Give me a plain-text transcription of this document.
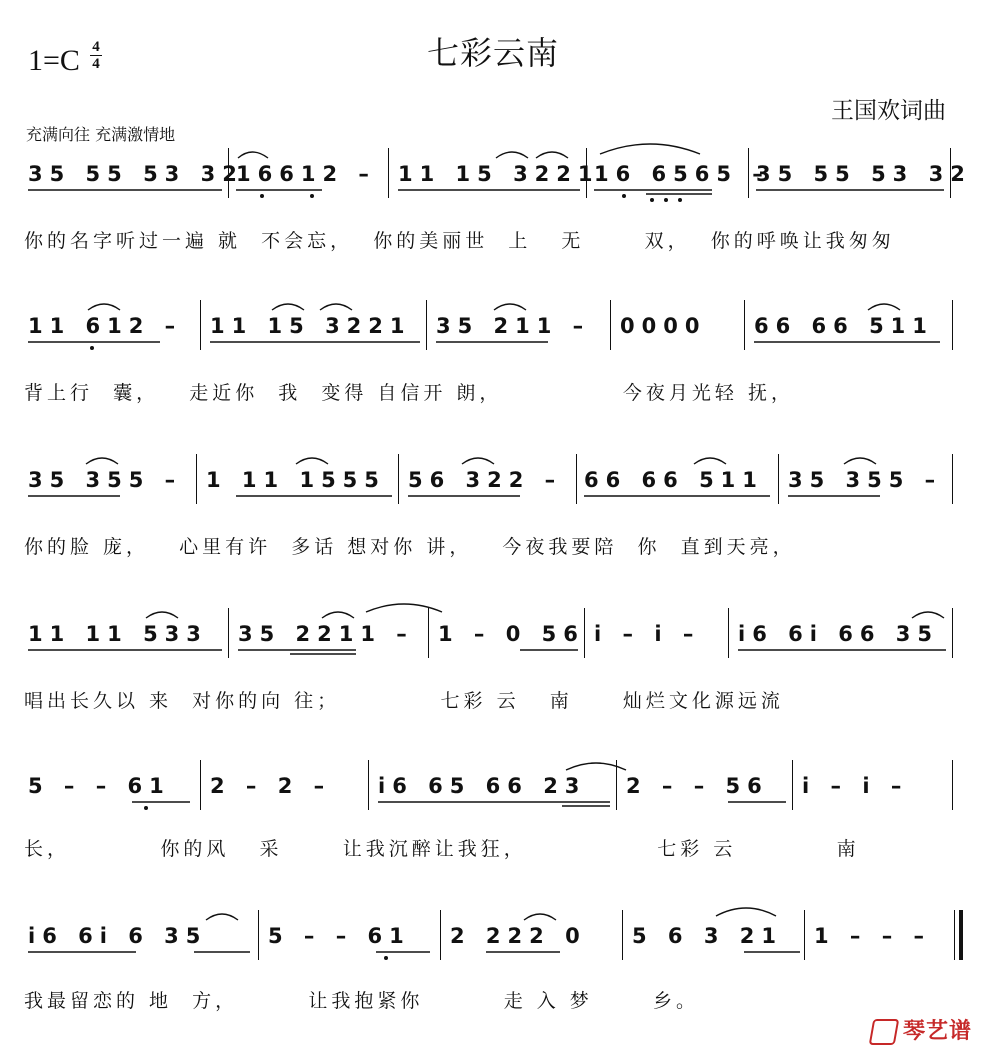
1=C 4
4	七彩云南
王国欢词曲
充满向往 充满激情地
35 55 53 32
16612 – 11 15 3221
16 6565 –
35 55 53 32
你的名字听过一遍 就  不会忘，  你的美丽世  上   无      双，  你的呼唤让我匆匆
11 612 – 11 15 3221 35 211 – 0000 66 66 511
背上行  囊，   走近你  我  变得 自信开 朗，            今夜月光轻 抚，
35 355 – 1 11 1555 56 322 – 66 66 511 35 355 –
你的脸 庞，   心里有许  多话 想对你 讲，   今夜我要陪  你  直到天亮，
11 11 533 35 2211 – 1 – 0 56 i – i – i6 6i 66 35
唱出长久以 来  对你的向 往；          七彩 云   南     灿烂文化源远流
5 – – 61 2 – 2 – i6 65 66 23 2 – – 56 i – i –
长，         你的风   采      让我沉醉让我狂，             七彩 云          南
i6 6i 6 35	5 – – 61 2 222 0 5 6 3 21 1 – – –
我最留恋的 地  方，       让我抱紧你        走 入 梦      乡。
琴艺谱
